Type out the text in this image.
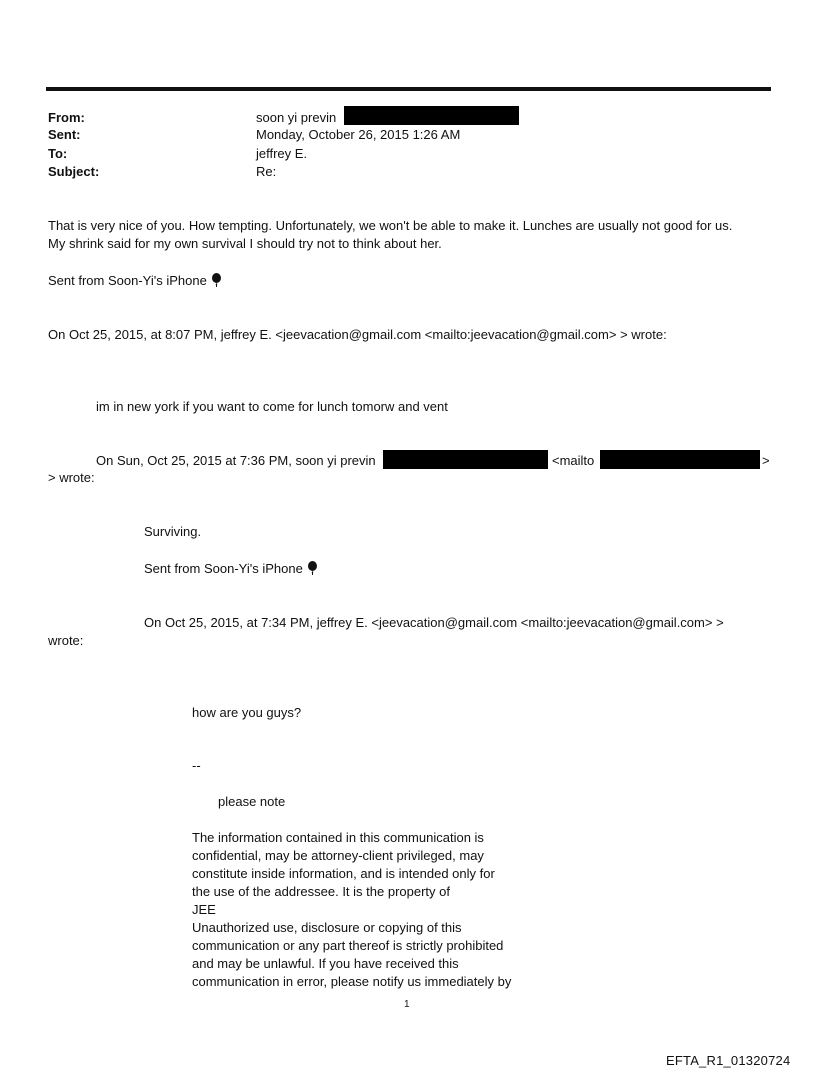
From:	soon yi previn
Sent:	Monday, October 26, 2015 1:26 AM
To:	jeffrey E.
Subject:	Re:
That is very nice of you. How tempting. Unfortunately, we won't be able to make it. Lunches are usually not good for us.
My shrink said for my own survival I should try not to think about her.
Sent from Soon-Yi's iPhone
On Oct 25, 2015, at 8:07 PM, jeffrey E. <jeevacation@gmail.com <mailto:jeevacation@gmail.com> > wrote:
im in new york if you want to come for lunch tomorw and vent
On Sun, Oct 25, 2015 at 7:36 PM, soon yi previn	<mailto	>
> wrote:
Surviving.
Sent from Soon-Yi's iPhone
On Oct 25, 2015, at 7:34 PM, jeffrey E. <jeevacation@gmail.com <mailto:jeevacation@gmail.com> >
wrote:
how are you guys?
--
please note
The information contained in this communication is
confidential, may be attorney-client privileged, may
constitute inside information, and is intended only for
the use of the addressee. It is the property of
JEE
Unauthorized use, disclosure or copying of this
communication or any part thereof is strictly prohibited
and may be unlawful. If you have received this
communication in error, please notify us immediately by
1
EFTA_R1_01320724
